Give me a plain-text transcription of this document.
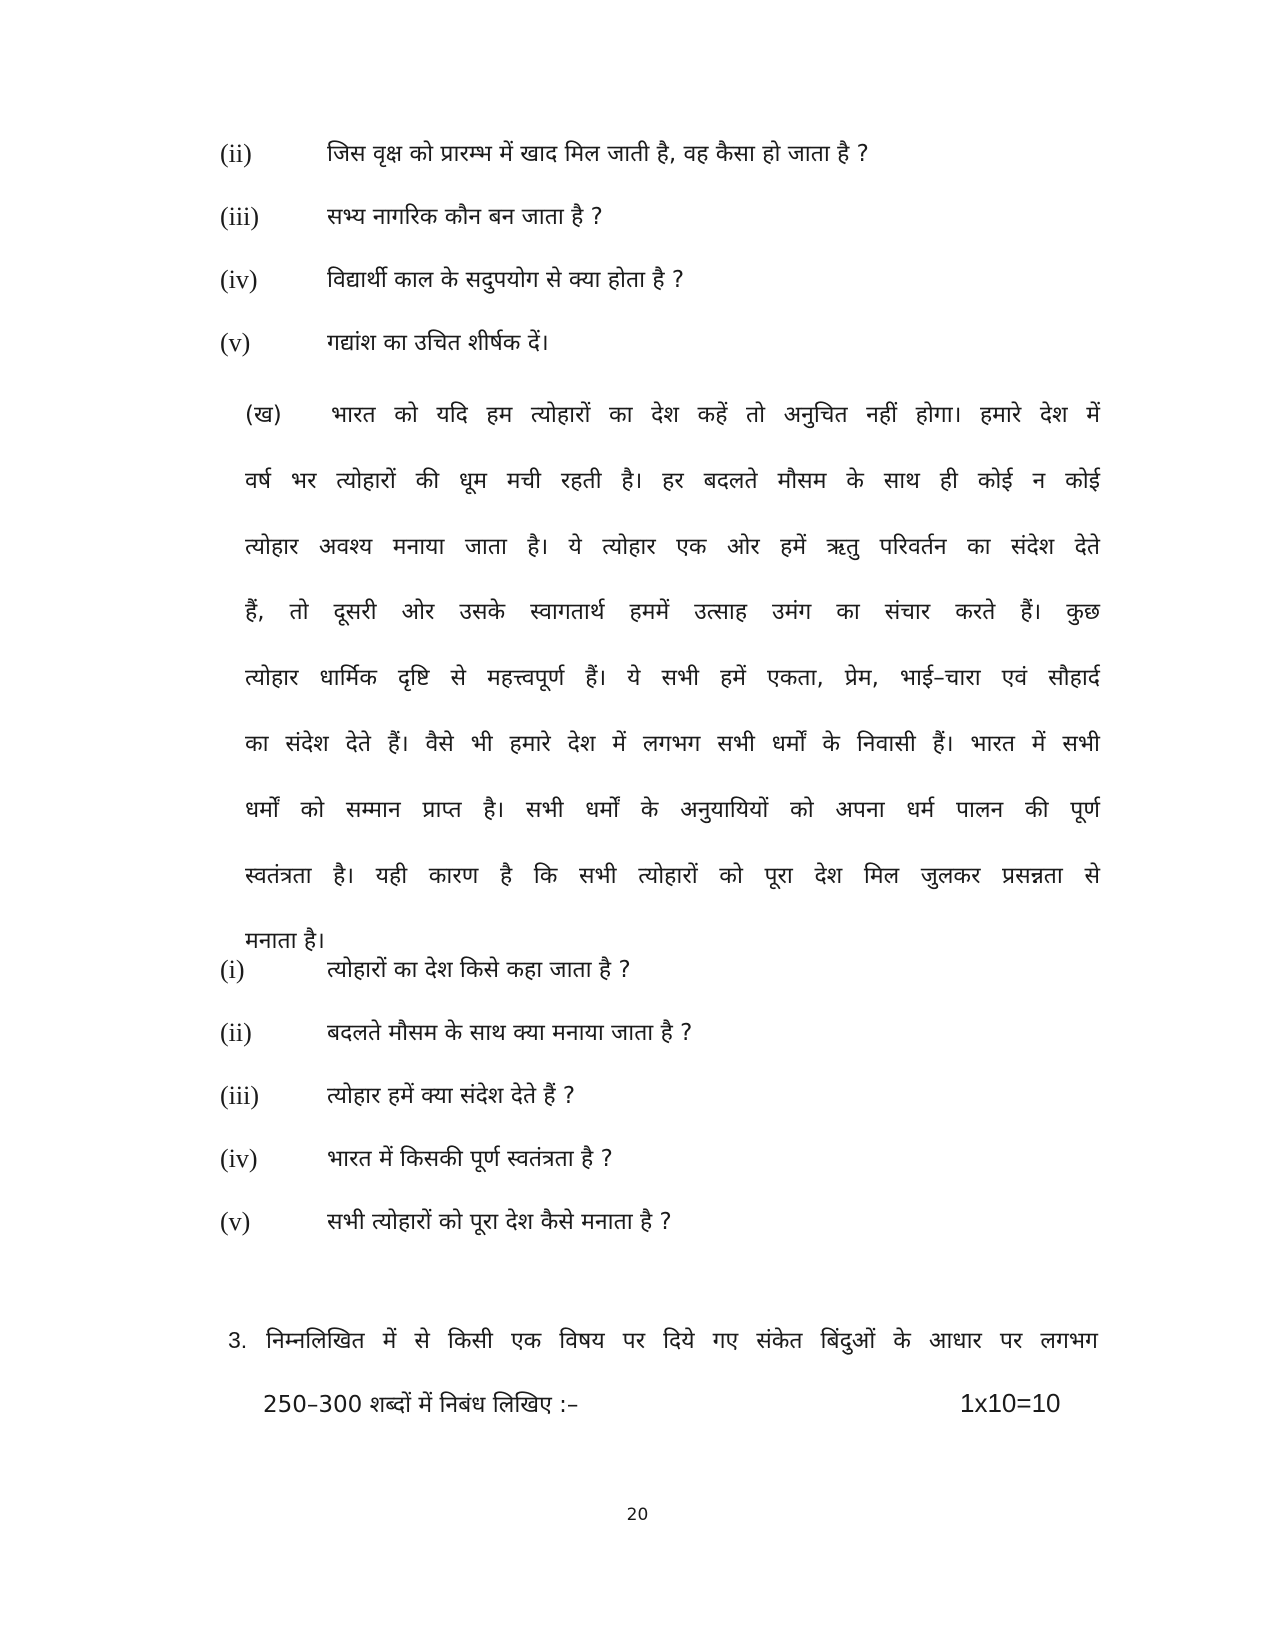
(ii)	जिस वृक्ष को प्रारम्भ में खाद मिल जाती है, वह कैसा हो जाता है ?
(iii)	सभ्य नागरिक कौन बन जाता है ?
(iv)	विद्यार्थी काल के सदुपयोग से क्या होता है ?
(v)	गद्यांश का उचित शीर्षक दें।
(ख) भारत को यदि हम त्योहारों का देश कहें तो अनुचित नहीं होगा। हमारे देश में
वर्ष भर त्योहारों की धूम मची रहती है। हर बदलते मौसम के साथ ही कोई न कोई
त्योहार अवश्य मनाया जाता है। ये त्योहार एक ओर हमें ऋतु परिवर्तन का संदेश देते
हैं, तो दूसरी ओर उसके स्वागतार्थ हममें उत्साह उमंग का संचार करते हैं। कुछ
त्योहार धार्मिक दृष्टि से महत्त्वपूर्ण हैं। ये सभी हमें एकता, प्रेम, भाई–चारा एवं सौहार्द
का संदेश देते हैं। वैसे भी हमारे देश में लगभग सभी धर्मों के निवासी हैं। भारत में सभी
धर्मों को सम्मान प्राप्त है। सभी धर्मों के अनुयायियों को अपना धर्म पालन की पूर्ण
स्वतंत्रता है। यही कारण है कि सभी त्योहारों को पूरा देश मिल जुलकर प्रसन्नता से
मनाता है।
(i)	त्योहारों का देश किसे कहा जाता है ?
(ii)	बदलते मौसम के साथ क्या मनाया जाता है ?
(iii)	त्योहार हमें क्या संदेश देते हैं ?
(iv)	भारत में किसकी पूर्ण स्वतंत्रता है ?
(v)	सभी त्योहारों को पूरा देश कैसे मनाता है ?
3. निम्नलिखित में से किसी एक विषय पर दिये गए संकेत बिंदुओं के आधार पर लगभग
250–300 शब्दों में निबंध लिखिए :–	1x10=10
20
